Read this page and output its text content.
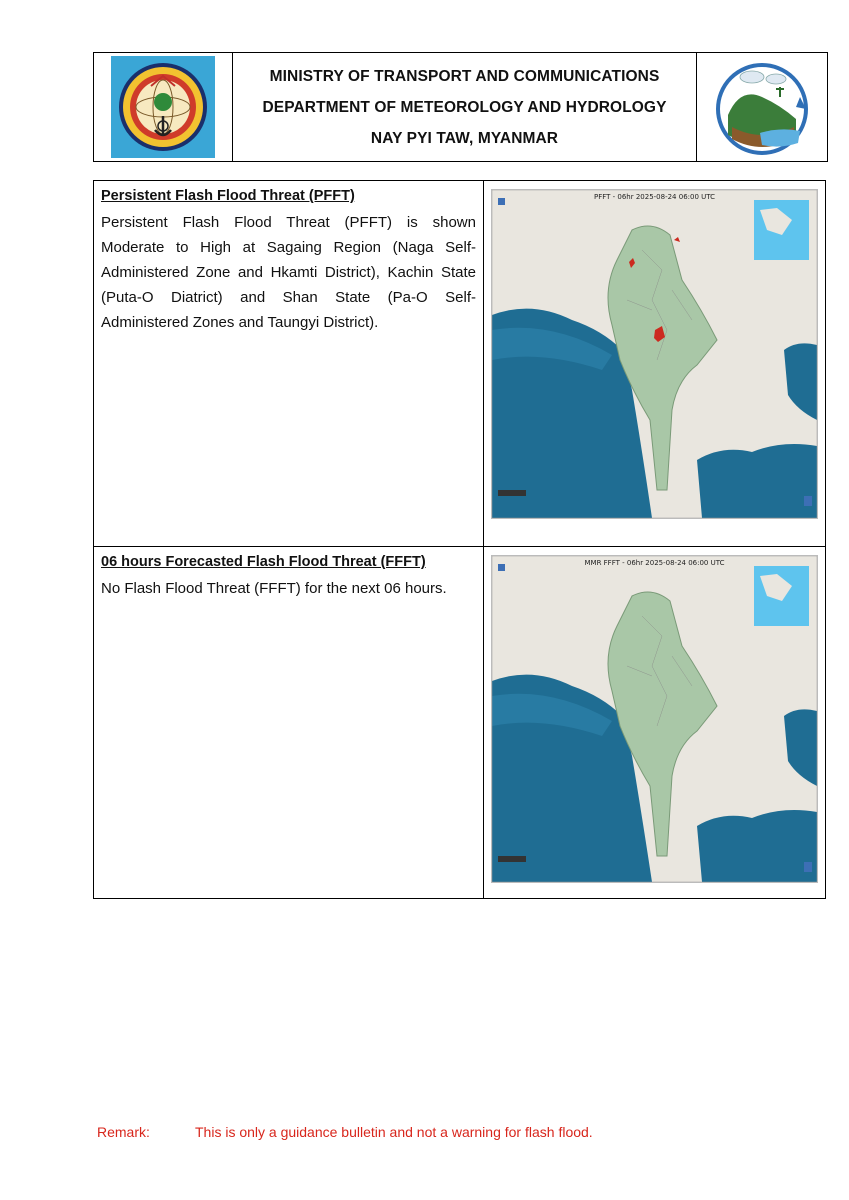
MINISTRY OF TRANSPORT AND COMMUNICATIONS
DEPARTMENT OF METEOROLOGY AND HYDROLOGY
NAY PYI TAW, MYANMAR
Persistent Flash Flood Threat (PFFT)
Persistent Flash Flood Threat (PFFT) is shown Moderate to High at Sagaing Region (Naga Self-Administered Zone and Hkamti District), Kachin State (Puta-O Diatrict) and Shan State (Pa-O Self-Administered Zones and Taungyi District).
PFFT - 06hr 2025-08-24 06:00 UTC
06 hours Forecasted Flash Flood Threat (FFFT)
No Flash Flood Threat (FFFT) for the next 06 hours.
MMR FFFT - 06hr 2025-08-24 06:00 UTC
Remark:	This is only a guidance bulletin and not a warning for flash flood.
